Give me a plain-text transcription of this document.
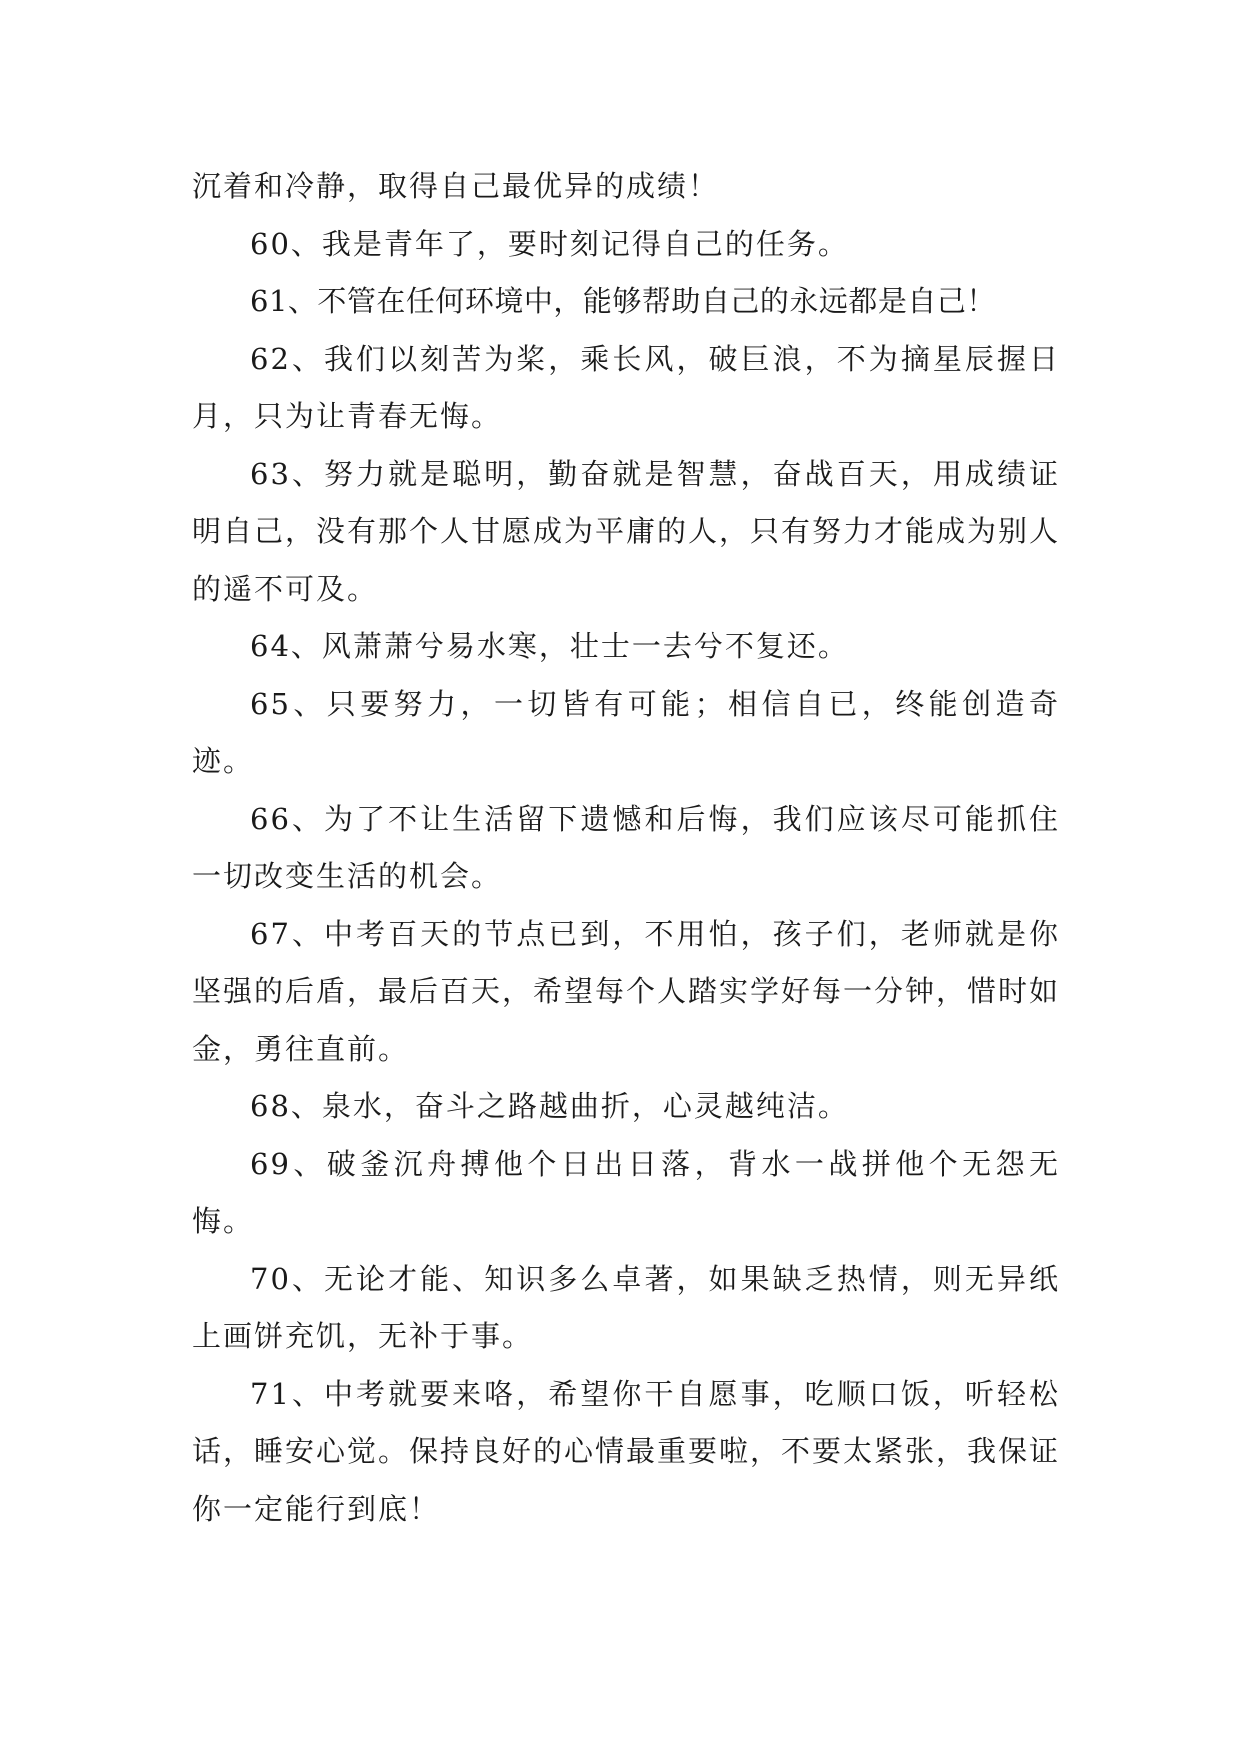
沉着和冷静，取得自己最优异的成绩！

60、我是青年了，要时刻记得自己的任务。

61、不管在任何环境中，能够帮助自己的永远都是自己！

62、我们以刻苦为桨，乘长风，破巨浪，不为摘星辰握日月，只为让青春无悔。

63、努力就是聪明，勤奋就是智慧，奋战百天，用成绩证明自己，没有那个人甘愿成为平庸的人，只有努力才能成为别人的遥不可及。

64、风萧萧兮易水寒，壮士一去兮不复还。

65、只要努力，一切皆有可能；相信自已，终能创造奇迹。

66、为了不让生活留下遗憾和后悔，我们应该尽可能抓住一切改变生活的机会。

67、中考百天的节点已到，不用怕，孩子们，老师就是你坚强的后盾，最后百天，希望每个人踏实学好每一分钟，惜时如金，勇往直前。

68、泉水，奋斗之路越曲折，心灵越纯洁。

69、破釜沉舟搏他个日出日落，背水一战拼他个无怨无悔。

70、无论才能、知识多么卓著，如果缺乏热情，则无异纸上画饼充饥，无补于事。

71、中考就要来咯，希望你干自愿事，吃顺口饭，听轻松话，睡安心觉。保持良好的心情最重要啦，不要太紧张，我保证你一定能行到底！
